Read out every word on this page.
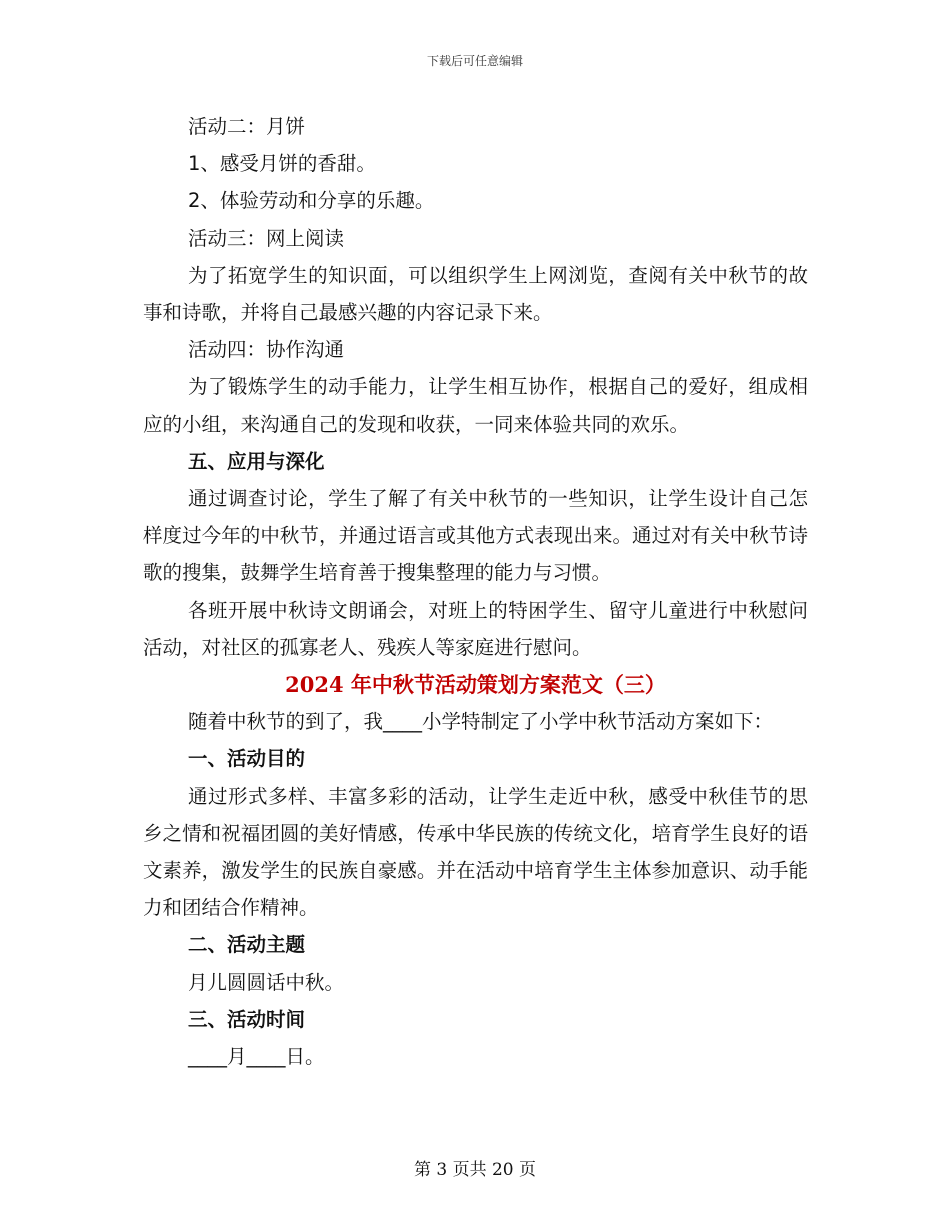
下载后可任意编辑

活动二：月饼

1、感受月饼的香甜。

2、体验劳动和分享的乐趣。

活动三：网上阅读

为了拓宽学生的知识面，可以组织学生上网浏览，查阅有关中秋节的故事和诗歌，并将自己最感兴趣的内容记录下来。

活动四：协作沟通

为了锻炼学生的动手能力，让学生相互协作，根据自己的爱好，组成相应的小组，来沟通自己的发现和收获，一同来体验共同的欢乐。

五、应用与深化

通过调查讨论，学生了解了有关中秋节的一些知识，让学生设计自己怎样度过今年的中秋节，并通过语言或其他方式表现出来。通过对有关中秋节诗歌的搜集，鼓舞学生培育善于搜集整理的能力与习惯。

各班开展中秋诗文朗诵会，对班上的特困学生、留守儿童进行中秋慰问活动，对社区的孤寡老人、残疾人等家庭进行慰问。

2024 年中秋节活动策划方案范文（三）

随着中秋节的到了，我____小学特制定了小学中秋节活动方案如下：

一、活动目的

通过形式多样、丰富多彩的活动，让学生走近中秋，感受中秋佳节的思乡之情和祝福团圆的美好情感，传承中华民族的传统文化，培育学生良好的语文素养，激发学生的民族自豪感。并在活动中培育学生主体参加意识、动手能力和团结合作精神。

二、活动主题

月儿圆圆话中秋。

三、活动时间

____月____日。

第 3 页共 20 页
